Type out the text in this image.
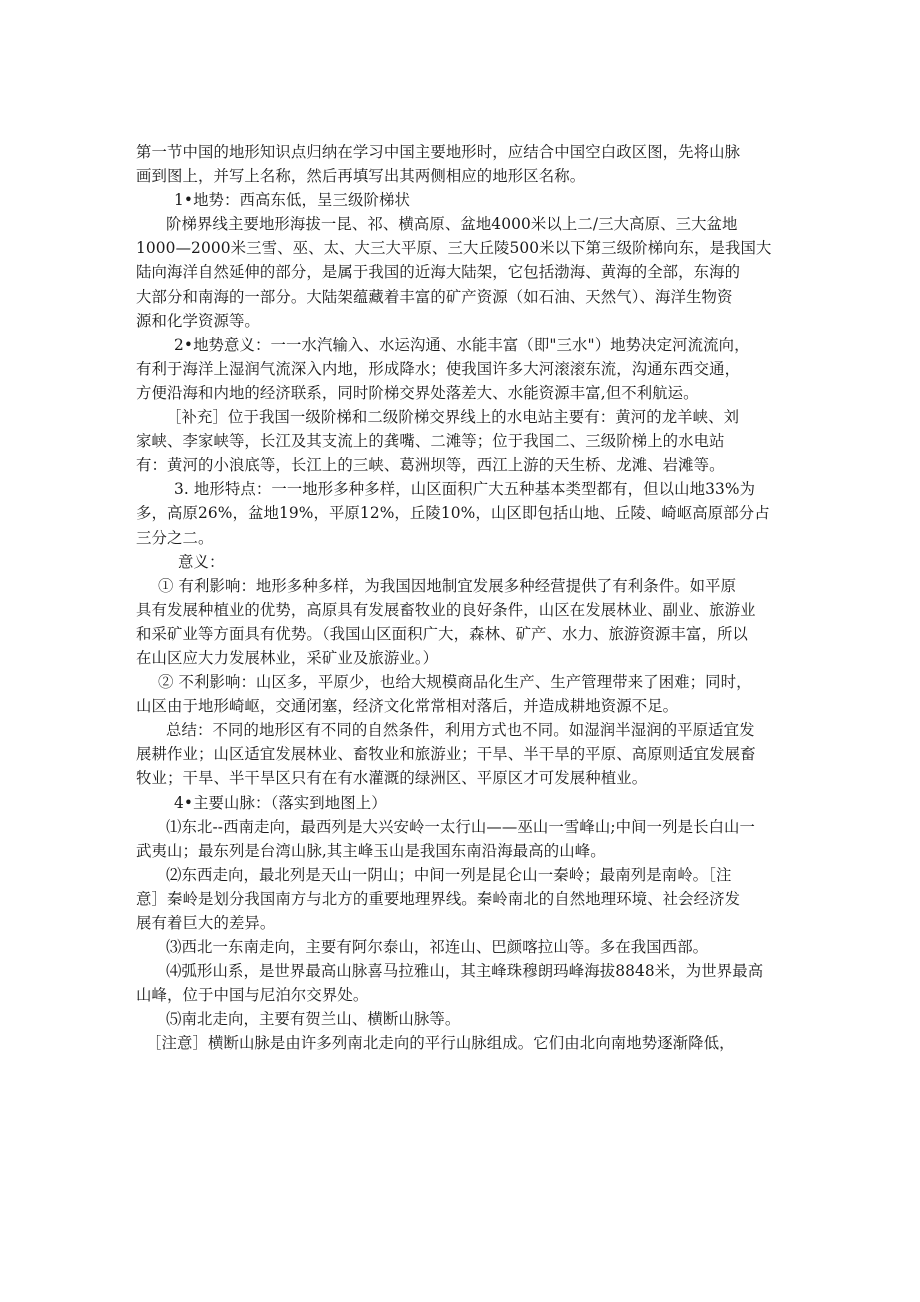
第一节中国的地形知识点归纳在学习中国主要地形时，应结合中国空白政区图，先将山脉
画到图上，并写上名称，然后再填写出其两侧相应的地形区名称。
1•地势：西高东低，呈三级阶梯状
阶梯界线主要地形海拔一昆、祁、横高原、盆地4000米以上二/三大高原、三大盆地
1000—2000米三雪、巫、太、大三大平原、三大丘陵500米以下第三级阶梯向东，是我国大
陆向海洋自然延伸的部分，是属于我国的近海大陆架，它包括渤海、黄海的全部，东海的
大部分和南海的一部分。大陆架蕴藏着丰富的矿产资源（如石油、天然气）、海洋生物资
源和化学资源等。
2•地势意义：一一水汽输入、水运沟通、水能丰富（即"三水"）地势决定河流流向，
有利于海洋上湿润气流深入内地，形成降水；使我国许多大河滚滚东流，沟通东西交通，
方便沿海和内地的经济联系，同时阶梯交界处落差大、水能资源丰富,但不利航运。
［补充］位于我国一级阶梯和二级阶梯交界线上的水电站主要有：黄河的龙羊峡、刘
家峡、李家峡等，长江及其支流上的龚嘴、二滩等；位于我国二、三级阶梯上的水电站
有：黄河的小浪底等，长江上的三峡、葛洲坝等，西江上游的天生桥、龙滩、岩滩等。
3. 地形特点：一一地形多种多样，山区面积广大五种基本类型都有，但以山地33%为
多，高原26%，盆地19%，平原12%，丘陵10%，山区即包括山地、丘陵、崎岖高原部分占
三分之二。
意义：
① 有利影响：地形多种多样，为我国因地制宜发展多种经营提供了有利条件。如平原
具有发展种植业的优势，高原具有发展畜牧业的良好条件，山区在发展林业、副业、旅游业
和采矿业等方面具有优势。（我国山区面积广大，森林、矿产、水力、旅游资源丰富，所以
在山区应大力发展林业，采矿业及旅游业。）
② 不利影响：山区多，平原少，也给大规模商品化生产、生产管理带来了困难；同时，
山区由于地形崎岖，交通闭塞，经济文化常常相对落后，并造成耕地资源不足。
总结：不同的地形区有不同的自然条件，利用方式也不同。如湿润半湿润的平原适宜发
展耕作业；山区适宜发展林业、畜牧业和旅游业；干旱、半干旱的平原、高原则适宜发展畜
牧业；干旱、半干旱区只有在有水灌溉的绿洲区、平原区才可发展种植业。
4•主要山脉：（落实到地图上）
⑴东北--西南走向，最西列是大兴安岭一太行山——巫山一雪峰山;中间一列是长白山一
武夷山；最东列是台湾山脉,其主峰玉山是我国东南沿海最高的山峰。
⑵东西走向，最北列是天山一阴山；中间一列是昆仑山一秦岭；最南列是南岭。［注
意］秦岭是划分我国南方与北方的重要地理界线。秦岭南北的自然地理环境、社会经济发
展有着巨大的差异。
⑶西北一东南走向，主要有阿尔泰山，祁连山、巴颜喀拉山等。多在我国西部。
⑷弧形山系，是世界最高山脉喜马拉雅山，其主峰珠穆朗玛峰海拔8848米，为世界最高
山峰，位于中国与尼泊尔交界处。
⑸南北走向，主要有贺兰山、横断山脉等。
［注意］横断山脉是由许多列南北走向的平行山脉组成。它们由北向南地势逐渐降低，
